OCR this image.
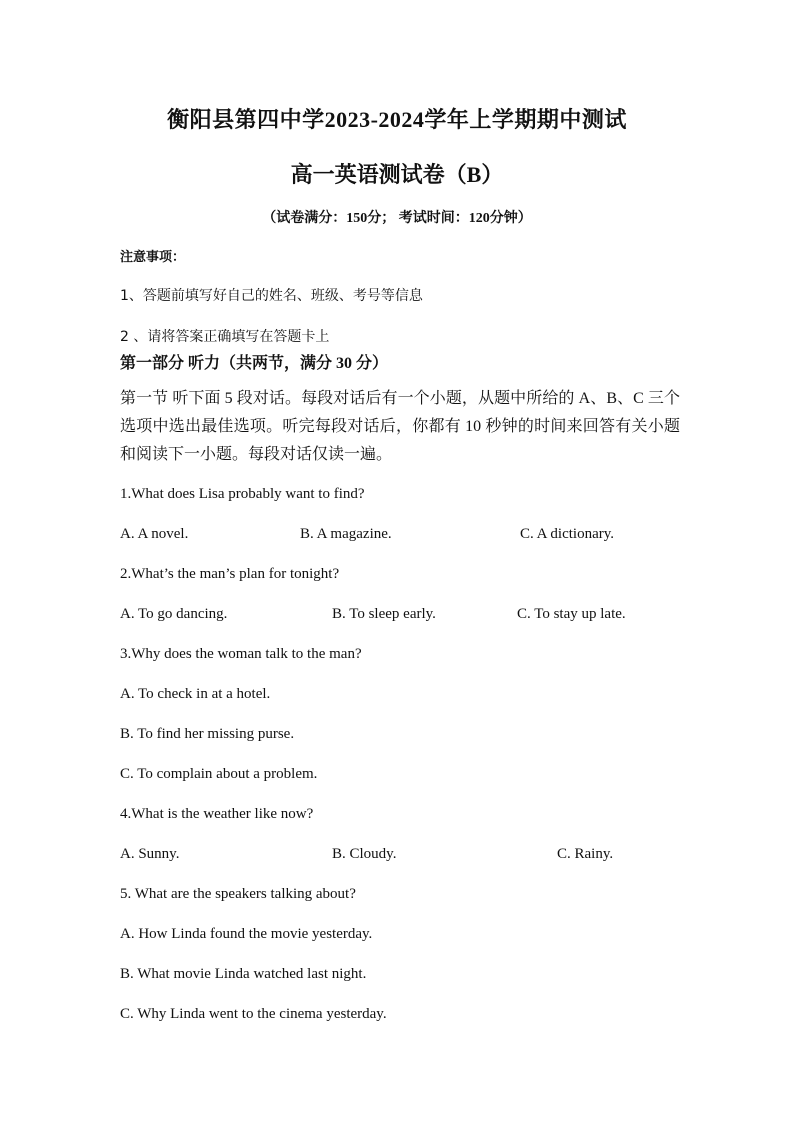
衡阳县第四中学2023-2024学年上学期期中测试
高一英语测试卷（B）
（试卷满分：150分； 考试时间：120分钟）
注意事项：
1、答题前填写好自己的姓名、班级、考号等信息
2 、请将答案正确填写在答题卡上
第一部分 听力（共两节，满分 30 分）
第一节 听下面 5 段对话。每段对话后有一个小题，从题中所给的 A、B、C 三个选项中选出最佳选项。听完每段对话后，你都有 10 秒钟的时间来回答有关小题和阅读下一小题。每段对话仅读一遍。
1.What does Lisa probably want to find?
A. A novel.	B. A magazine.	C. A dictionary.
2.What’s the man’s plan for tonight?
A. To go dancing.	B. To sleep early.	C. To stay up late.
3.Why does the woman talk to the man?
A. To check in at a hotel.
B. To find her missing purse.
C. To complain about a problem.
4.What is the weather like now?
A. Sunny.	B. Cloudy.	C. Rainy.
5. What are the speakers talking about?
A. How Linda found the movie yesterday.
B. What movie Linda watched last night.
C. Why Linda went to the cinema yesterday.
